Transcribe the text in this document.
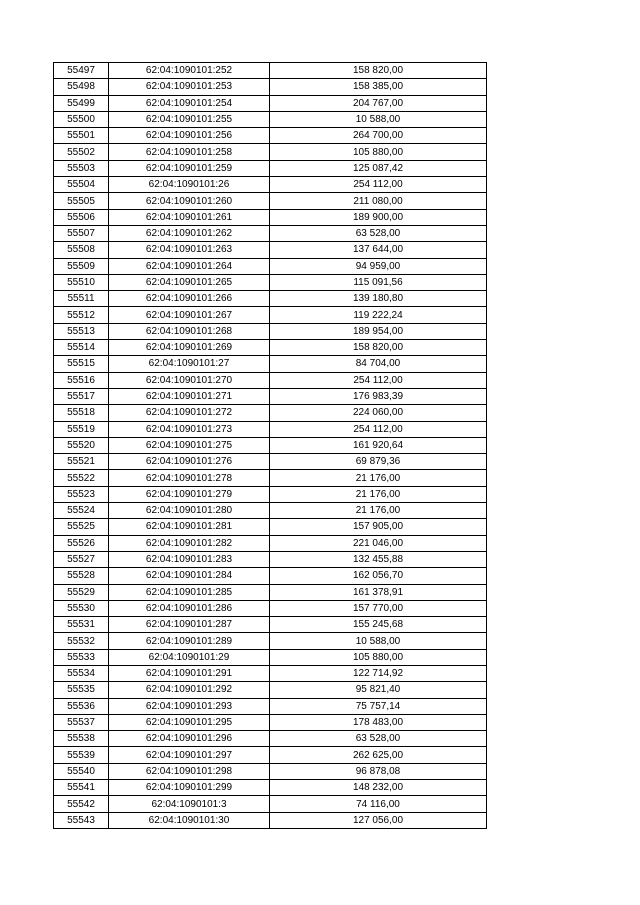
55497	62:04:1090101:252	158 820,00
55498	62:04:1090101:253	158 385,00
55499	62:04:1090101:254	204 767,00
55500	62:04:1090101:255	10 588,00
55501	62:04:1090101:256	264 700,00
55502	62:04:1090101:258	105 880,00
55503	62:04:1090101:259	125 087,42
55504	62:04:1090101:26	254 112,00
55505	62:04:1090101:260	211 080,00
55506	62:04:1090101:261	189 900,00
55507	62:04:1090101:262	63 528,00
55508	62:04:1090101:263	137 644,00
55509	62:04:1090101:264	94 959,00
55510	62:04:1090101:265	115 091,56
55511	62:04:1090101:266	139 180,80
55512	62:04:1090101:267	119 222,24
55513	62:04:1090101:268	189 954,00
55514	62:04:1090101:269	158 820,00
55515	62:04:1090101:27	84 704,00
55516	62:04:1090101:270	254 112,00
55517	62:04:1090101:271	176 983,39
55518	62:04:1090101:272	224 060,00
55519	62:04:1090101:273	254 112,00
55520	62:04:1090101:275	161 920,64
55521	62:04:1090101:276	69 879,36
55522	62:04:1090101:278	21 176,00
55523	62:04:1090101:279	21 176,00
55524	62:04:1090101:280	21 176,00
55525	62:04:1090101:281	157 905,00
55526	62:04:1090101:282	221 046,00
55527	62:04:1090101:283	132 455,88
55528	62:04:1090101:284	162 056,70
55529	62:04:1090101:285	161 378,91
55530	62:04:1090101:286	157 770,00
55531	62:04:1090101:287	155 245,68
55532	62:04:1090101:289	10 588,00
55533	62:04:1090101:29	105 880,00
55534	62:04:1090101:291	122 714,92
55535	62:04:1090101:292	95 821,40
55536	62:04:1090101:293	75 757,14
55537	62:04:1090101:295	178 483,00
55538	62:04:1090101:296	63 528,00
55539	62:04:1090101:297	262 625,00
55540	62:04:1090101:298	96 878,08
55541	62:04:1090101:299	148 232,00
55542	62:04:1090101:3	74 116,00
55543	62:04:1090101:30	127 056,00
